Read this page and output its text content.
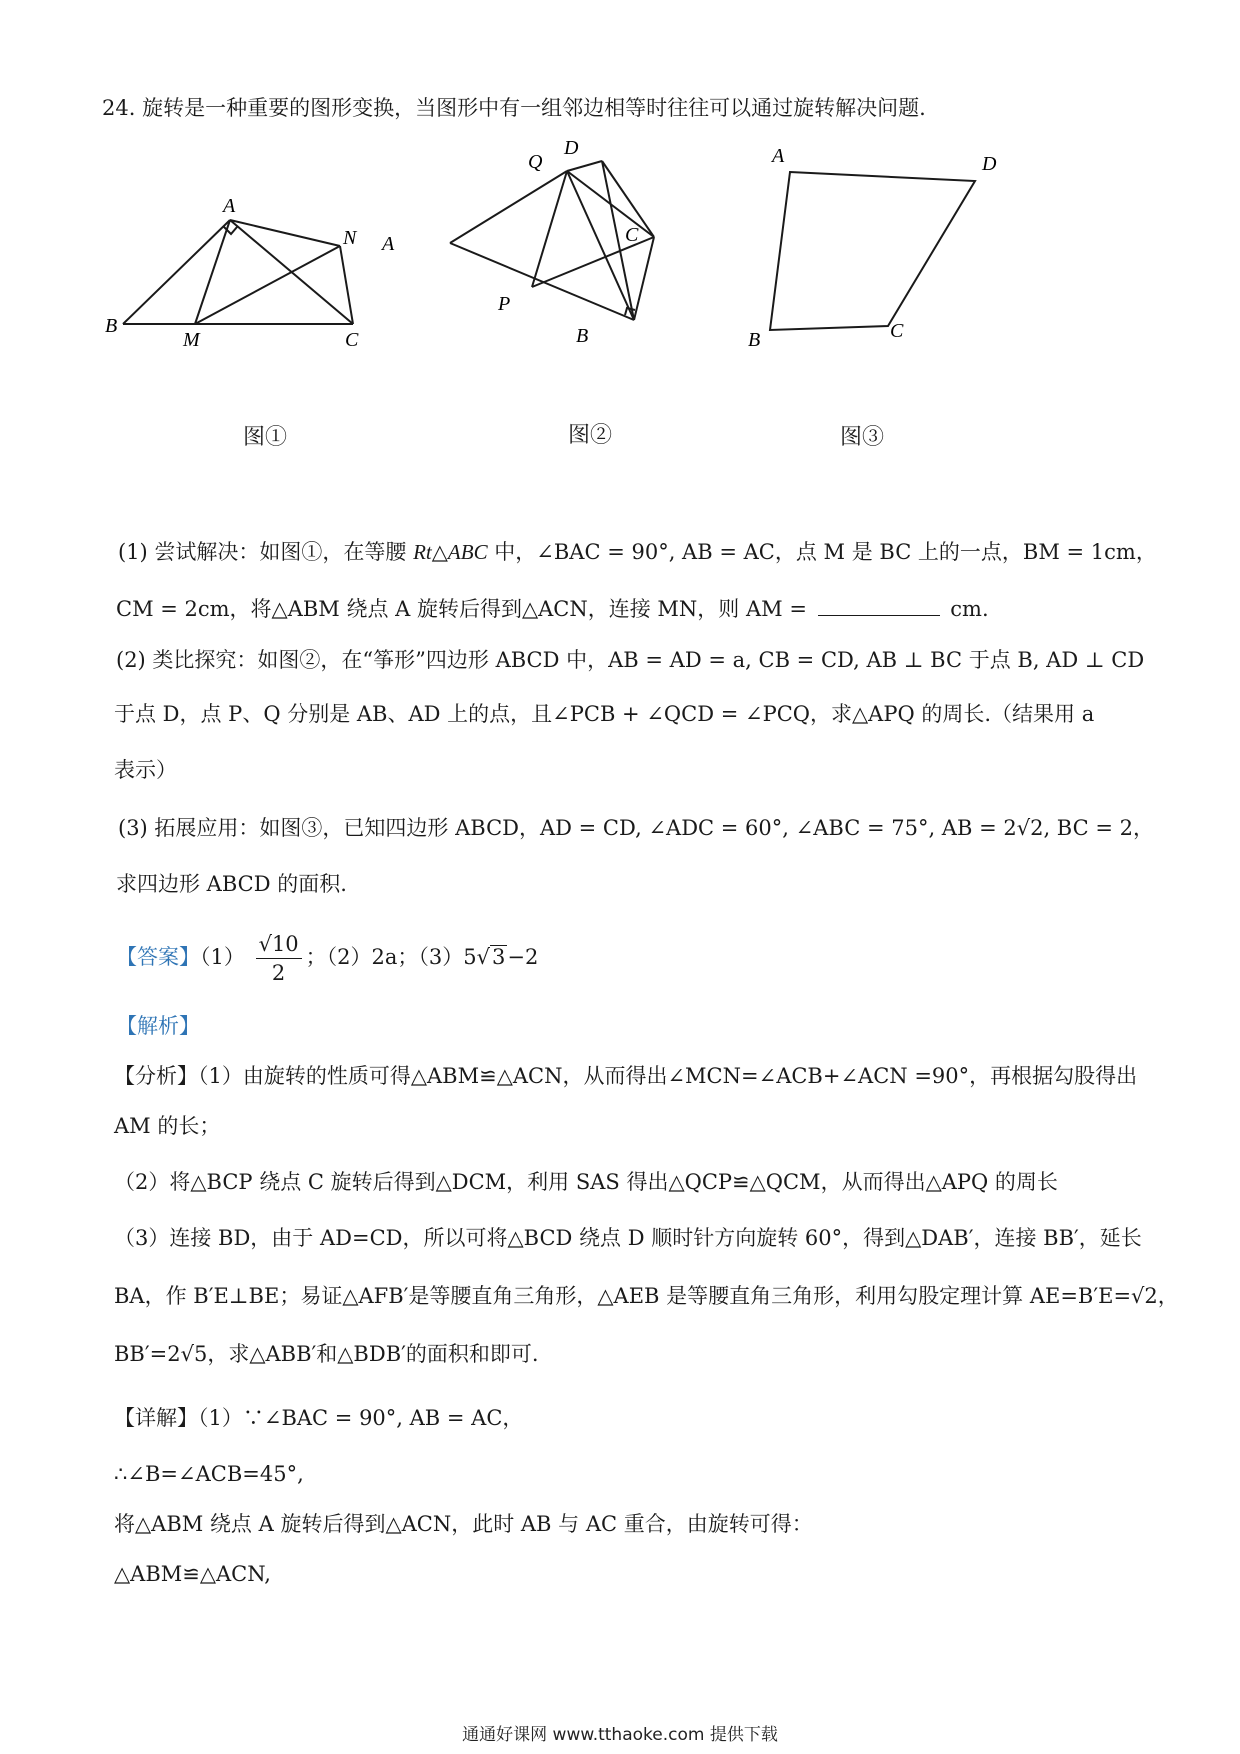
24. 旋转是一种重要的图形变换，当图形中有一组邻边相等时往往可以通过旋转解决问题.
A
N
B
M	C
Q
D
A	C
P
B
A	D
B	C
图①	图②	图③
(1) 尝试解决：如图①，在等腰 Rt△ABC 中，∠BAC = 90°, AB = AC，点 M 是 BC 上的一点，BM = 1cm，
CM = 2cm，将△ABM 绕点 A 旋转后得到△ACN，连接 MN，则 AM =	cm.
(2) 类比探究：如图②，在“筝形”四边形 ABCD 中，AB = AD = a, CB = CD, AB ⊥ BC 于点 B, AD ⊥ CD
于点 D，点 P、Q 分别是 AB、AD 上的点，且∠PCB + ∠QCD = ∠PCQ，求△APQ 的周长.（结果用 a
表示）
(3) 拓展应用：如图③，已知四边形 ABCD，AD = CD, ∠ADC = 60°, ∠ABC = 75°, AB = 2√2, BC = 2，
求四边形 ABCD 的面积.
【答案】$(1) \frac{√10}{2}$ ；（2）2a；（3）5√3−2
【解析】
【分析】（1）由旋转的性质可得△ABM≌△ACN，从而得出∠MCN=∠ACB+∠ACN =90°，再根据勾股得出
AM 的长；
（2）将△BCP 绕点 C 旋转后得到△DCM，利用 SAS 得出△QCP≌△QCM，从而得出△APQ 的周长
（3）连接 BD，由于 AD=CD，所以可将△BCD 绕点 D 顺时针方向旋转 60°，得到△DAB′，连接 BB′，延长
BA，作 B′E⊥BE；易证△AFB′是等腰直角三角形，△AEB 是等腰直角三角形，利用勾股定理计算 AE=B′E=√2，
BB′=2√5，求△ABB′和△BDB′的面积和即可.
【详解】（1）∵∠BAC = 90°, AB = AC，
∴∠B=∠ACB=45°,
将△ABM 绕点 A 旋转后得到△ACN，此时 AB 与 AC 重合，由旋转可得：
△ABM≌△ACN,
通通好课网 www.tthaoke.com 提供下载
